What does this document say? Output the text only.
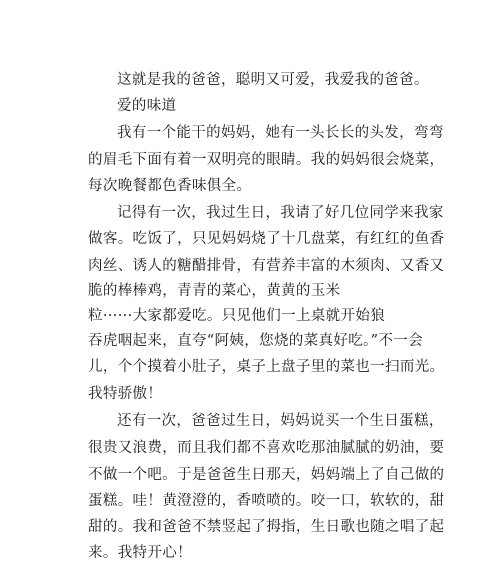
这就是我的爸爸，聪明又可爱，我爱我的爸爸。
爱的味道
我有一个能干的妈妈，她有一头长长的头发，弯弯
的眉毛下面有着一双明亮的眼睛。我的妈妈很会烧菜，
每次晚餐都色香味俱全。
记得有一次，我过生日，我请了好几位同学来我家
做客。吃饭了，只见妈妈烧了十几盘菜，有红红的鱼香
肉丝、诱人的糖醋排骨，有营养丰富的木须肉、又香又
脆的棒棒鸡，青青的菜心，黄黄的玉米
粒······大家都爱吃。只见他们一上桌就开始狼
吞虎咽起来，直夸“阿姨，您烧的菜真好吃。”不一会
儿，个个摸着小肚子，桌子上盘子里的菜也一扫而光。
我特骄傲！
还有一次，爸爸过生日，妈妈说买一个生日蛋糕，
很贵又浪费，而且我们都不喜欢吃那油腻腻的奶油，要
不做一个吧。于是爸爸生日那天，妈妈端上了自己做的
蛋糕。哇！黄澄澄的，香喷喷的。咬一口，软软的，甜
甜的。我和爸爸不禁竖起了拇指，生日歌也随之唱了起
来。我特开心！
